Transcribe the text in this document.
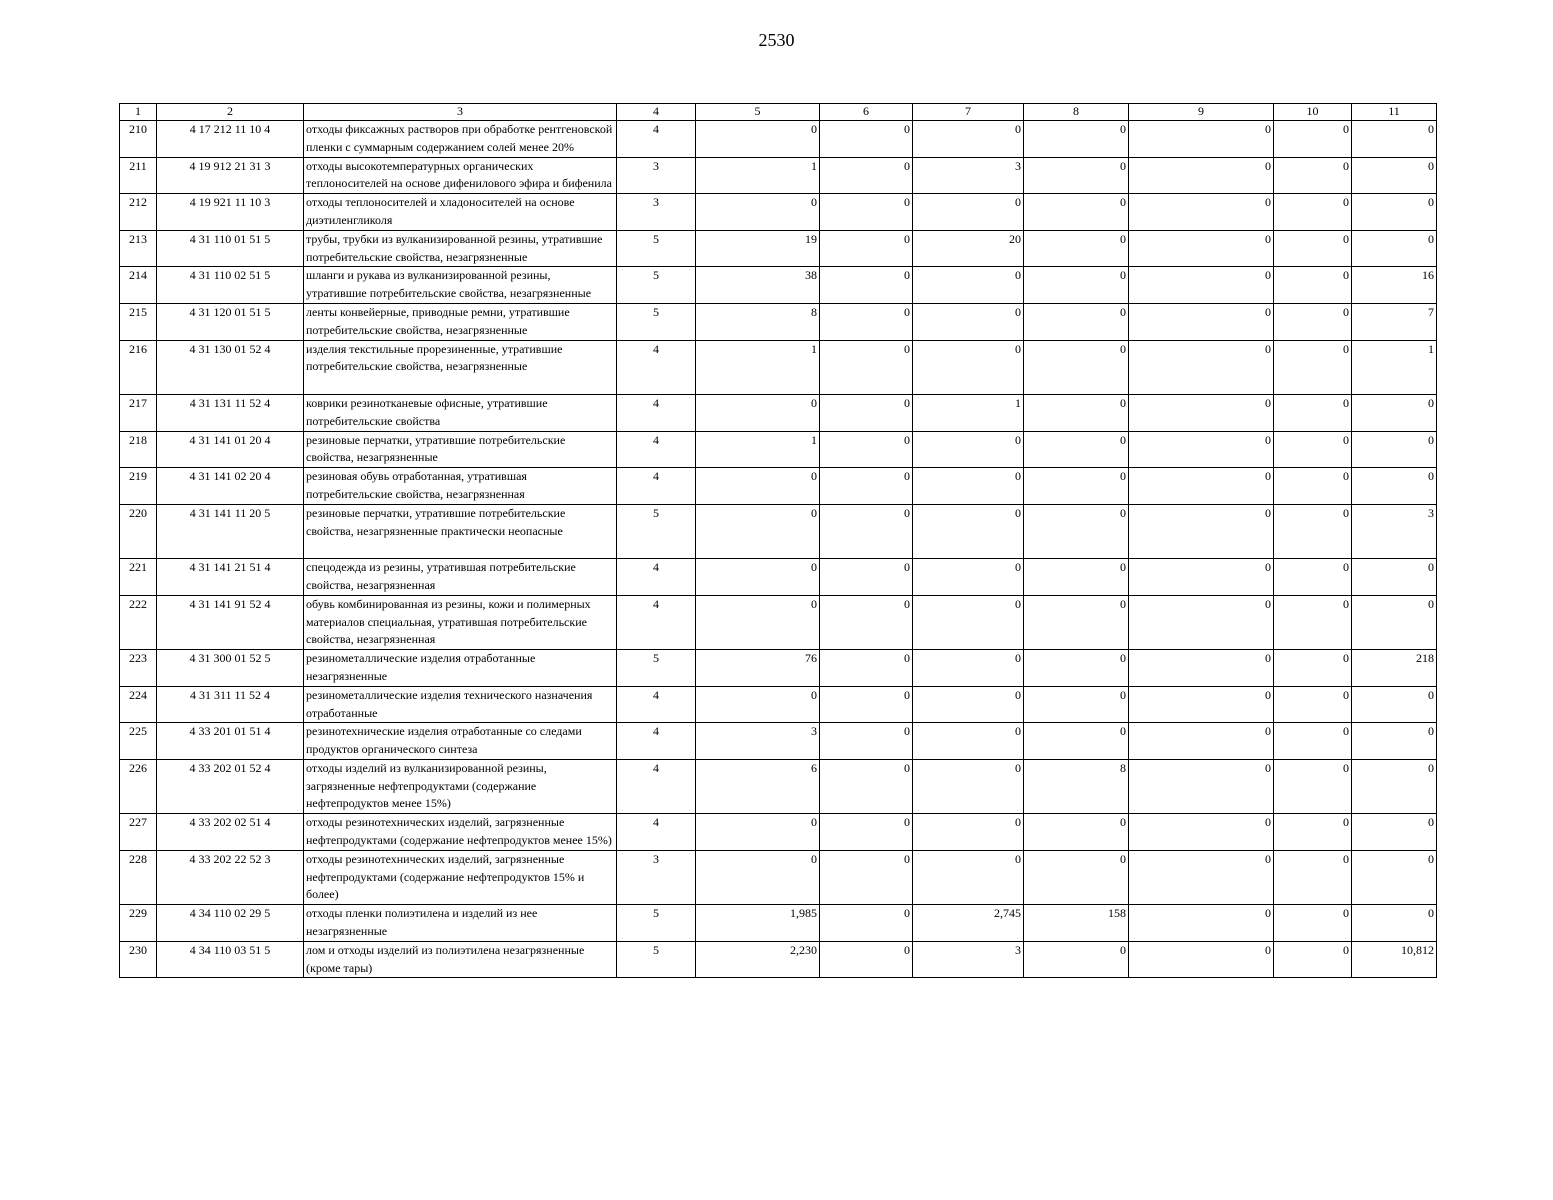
2530
1	2	3	4	5	6	7	8	9	10	11
210	4 17 212 11 10 4	отходы фиксажных растворов при обработке рентгеновской пленки с суммарным содержанием солей менее 20%	4	0	0	0	0	0	0	0
211	4 19 912 21 31 3	отходы высокотемпературных органических теплоносителей на основе дифенилового эфира и бифенила	3	1	0	3	0	0	0	0
212	4 19 921 11 10 3	отходы теплоносителей и хладоносителей на основе диэтиленгликоля	3	0	0	0	0	0	0	0
213	4 31 110 01 51 5	трубы, трубки из вулканизированной резины, утратившие потребительские свойства, незагрязненные	5	19	0	20	0	0	0	0
214	4 31 110 02 51 5	шланги и рукава из вулканизированной резины, утратившие потребительские свойства, незагрязненные	5	38	0	0	0	0	0	16
215	4 31 120 01 51 5	ленты конвейерные, приводные ремни, утратившие потребительские свойства, незагрязненные	5	8	0	0	0	0	0	7
216	4 31 130 01 52 4	изделия текстильные прорезиненные, утратившие потребительские свойства, незагрязненные	4	1	0	0	0	0	0	1
217	4 31 131 11 52 4	коврики резинотканевые офисные, утратившие потребительские свойства	4	0	0	1	0	0	0	0
218	4 31 141 01 20 4	резиновые перчатки, утратившие потребительские свойства, незагрязненные	4	1	0	0	0	0	0	0
219	4 31 141 02 20 4	резиновая обувь отработанная, утратившая потребительские свойства, незагрязненная	4	0	0	0	0	0	0	0
220	4 31 141 11 20 5	резиновые перчатки, утратившие потребительские свойства, незагрязненные практически неопасные	5	0	0	0	0	0	0	3
221	4 31 141 21 51 4	спецодежда из резины, утратившая потребительские свойства, незагрязненная	4	0	0	0	0	0	0	0
222	4 31 141 91 52 4	обувь комбинированная из резины, кожи и полимерных материалов специальная, утратившая потребительские свойства, незагрязненная	4	0	0	0	0	0	0	0
223	4 31 300 01 52 5	резинометаллические изделия отработанные незагрязненные	5	76	0	0	0	0	0	218
224	4 31 311 11 52 4	резинометаллические изделия технического назначения отработанные	4	0	0	0	0	0	0	0
225	4 33 201 01 51 4	резинотехнические изделия отработанные со следами продуктов органического синтеза	4	3	0	0	0	0	0	0
226	4 33 202 01 52 4	отходы изделий из вулканизированной резины, загрязненные нефтепродуктами (содержание нефтепродуктов менее 15%)	4	6	0	0	8	0	0	0
227	4 33 202 02 51 4	отходы резинотехнических изделий, загрязненные нефтепродуктами (содержание нефтепродуктов менее 15%)	4	0	0	0	0	0	0	0
228	4 33 202 22 52 3	отходы резинотехнических изделий, загрязненные нефтепродуктами (содержание нефтепродуктов 15% и более)	3	0	0	0	0	0	0	0
229	4 34 110 02 29 5	отходы пленки полиэтилена и изделий из нее незагрязненные	5	1,985	0	2,745	158	0	0	0
230	4 34 110 03 51 5	лом и отходы изделий из полиэтилена незагрязненные (кроме тары)	5	2,230	0	3	0	0	0	10,812
